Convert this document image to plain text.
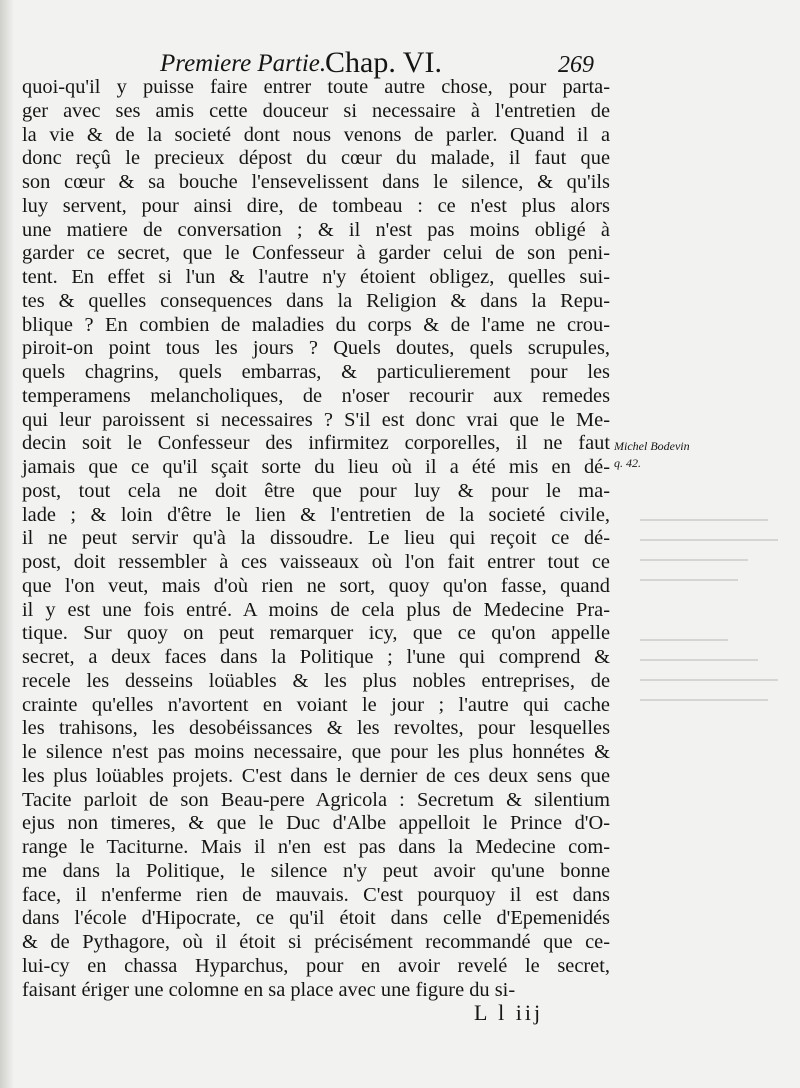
Premiere Partie.
Chap. VI.	269
quoi-qu'il y puisse faire entrer toute autre chose, pour parta-
ger avec ses amis cette douceur si necessaire à l'entretien de
la vie & de la societé dont nous venons de parler. Quand il a
donc reçû le precieux dépost du cœur du malade, il faut que
son cœur & sa bouche l'ensevelissent dans le silence, & qu'ils
luy servent, pour ainsi dire, de tombeau : ce n'est plus alors
une matiere de conversation ; & il n'est pas moins obligé à
garder ce secret, que le Confesseur à garder celui de son peni-
tent. En effet si l'un & l'autre n'y étoient obligez, quelles sui-
tes & quelles consequences dans la Religion & dans la Repu-
blique ? En combien de maladies du corps & de l'ame ne crou-
piroit-on point tous les jours ? Quels doutes, quels scrupules,
quels chagrins, quels embarras, & particulierement pour les
temperamens melancholiques, de n'oser recourir aux remedes
qui leur paroissent si necessaires ? S'il est donc vrai que le Me-
decin soit le Confesseur des infirmitez corporelles, il ne faut
jamais que ce qu'il sçait sorte du lieu où il a été mis en dé-
post, tout cela ne doit être que pour luy & pour le ma-
lade ; & loin d'être le lien & l'entretien de la societé civile,
il ne peut servir qu'à la dissoudre. Le lieu qui reçoit ce dé-
post, doit ressembler à ces vaisseaux où l'on fait entrer tout ce
que l'on veut, mais d'où rien ne sort, quoy qu'on fasse, quand
il y est une fois entré. A moins de cela plus de Medecine Pra-
tique. Sur quoy on peut remarquer icy, que ce qu'on appelle
secret, a deux faces dans la Politique ; l'une qui comprend &
recele les desseins loüables & les plus nobles entreprises, de
crainte qu'elles n'avortent en voiant le jour ; l'autre qui cache
les trahisons, les desobéissances & les revoltes, pour lesquelles
le silence n'est pas moins necessaire, que pour les plus honnétes &
les plus loüables projets. C'est dans le dernier de ces deux sens que
Tacite parloit de son Beau-pere Agricola : Secretum & silentium
ejus non timeres, & que le Duc d'Albe appelloit le Prince d'O-
range le Taciturne. Mais il n'en est pas dans la Medecine com-
me dans la Politique, le silence n'y peut avoir qu'une bonne
face, il n'enferme rien de mauvais. C'est pourquoy il est dans
dans l'école d'Hipocrate, ce qu'il étoit dans celle d'Epemenidés
& de Pythagore, où il étoit si précisément recommandé que ce-
lui-cy en chassa Hyparchus, pour en avoir revelé le secret,
faisant ériger une colomne en sa place avec une figure du si-
Michel Bodevin
q. 42.
L l iij
